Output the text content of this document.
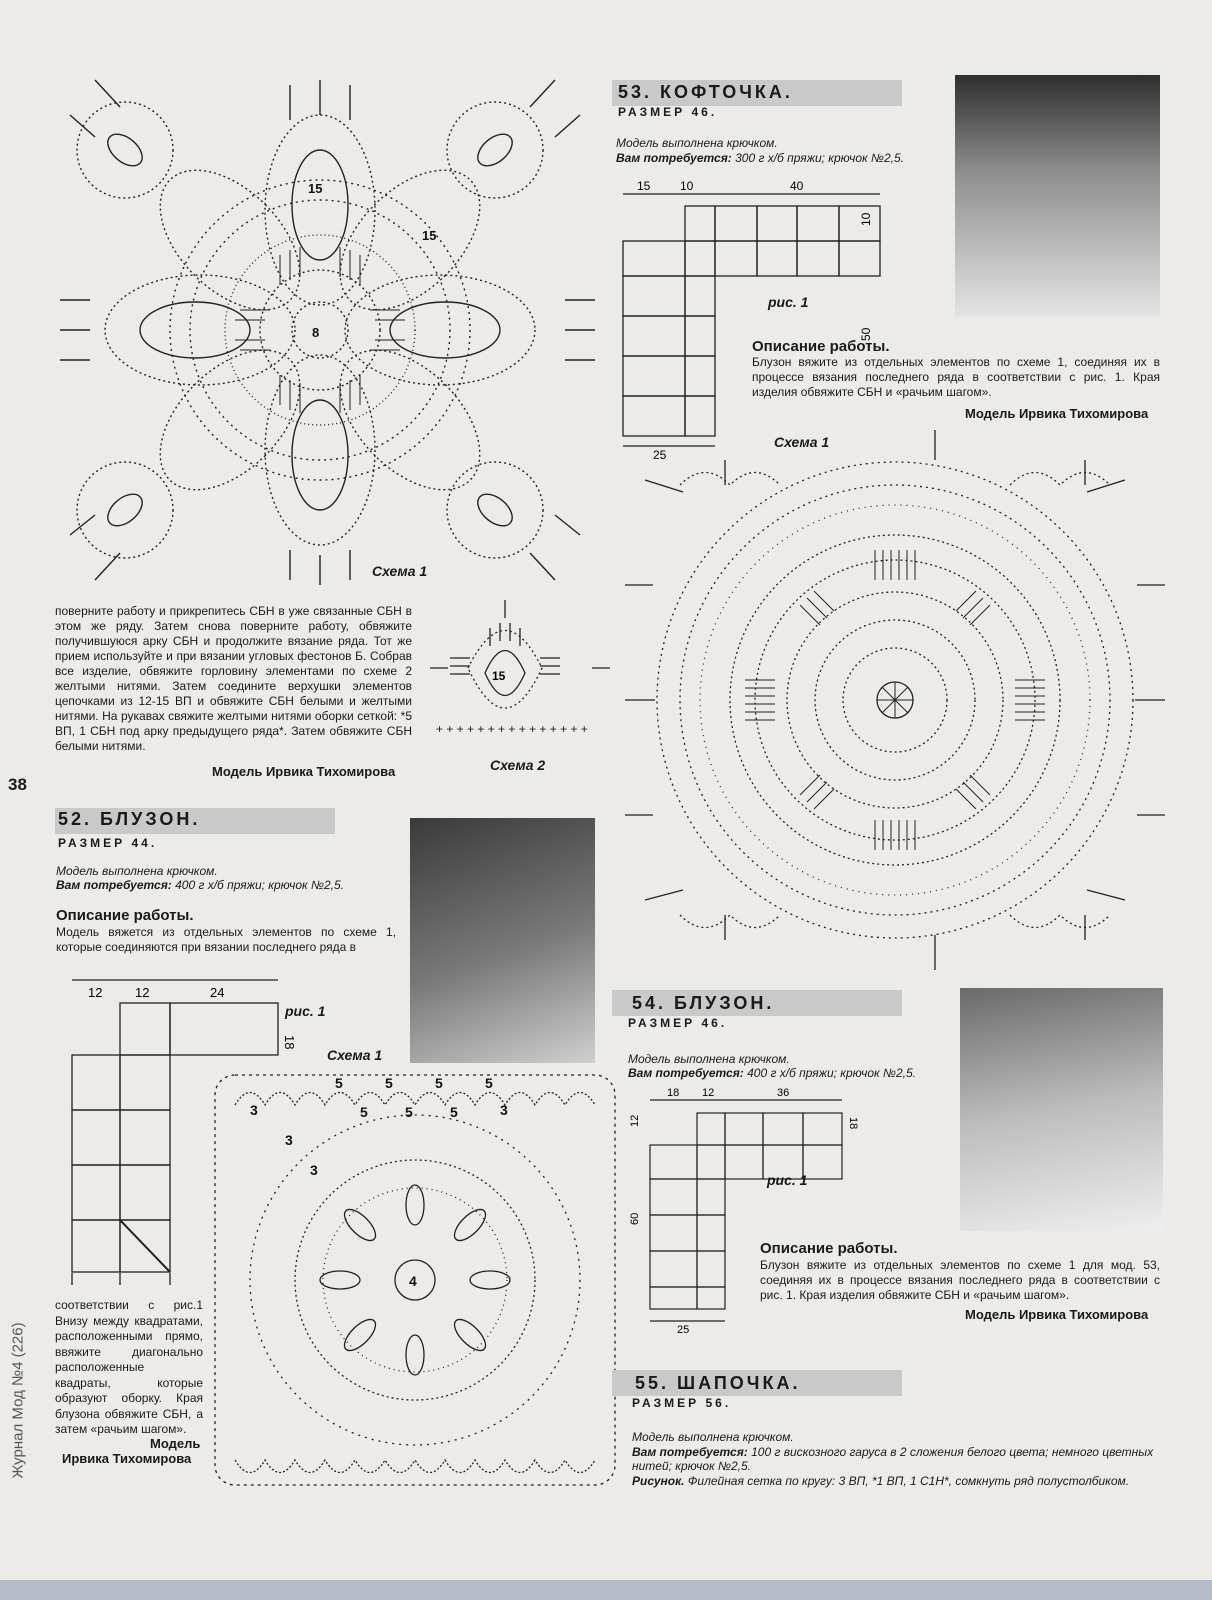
38
Журнал Мод №4 (226)
8
15
15
Схема 1
15
+ + + + + + + + + + + + + + +
Схема 2
поверните работу и прикрепитесь СБН в уже связанные СБН в этом же ряду. Затем снова поверните работу, обвяжите получившуюся арку СБН и продолжите вязание ряда. Тот же прием используйте и при вязании угловых фестонов Б. Собрав все изделие, обвяжите горловину элементами по схеме 2 желтыми нитями. Затем соедините верхушки элементов цепочками из 12-15 ВП и обвяжите СБН белыми и желтыми нитями. На рукавах свяжите желтыми нитями оборки сеткой: *5 ВП, 1 СБН под арку предыдущего ряда*. Затем обвяжите СБН белыми нитями.
Модель Ирвика Тихомирова
52. БЛУЗОН.
РАЗМЕР 44.
Модель выполнена крючком.
Вам потребуется: 400 г х/б пряжи; крючок №2,5.
Описание работы.
Модель вяжется из отдельных элементов по схеме 1, которые соединяются при вязании последнего ряда в
12	12	24
18
рис. 1
Схема 1
4
5	5	5	5
5	5	5
3	3
3
3
соответствии с рис.1 Внизу между квадратами, расположенными прямо, ввяжите диагонально расположенные квадраты, которые образуют оборку. Края блузона обвяжите СБН, а затем «рачьим шагом».
Модель
Ирвика Тихомирова
53. КОФТОЧКА.
РАЗМЕР 46.
Модель выполнена крючком.
Вам потребуется: 300 г х/б пряжи; крючок №2,5.
15 10	40
10
50
25
рис. 1
Описание работы.
Блузон вяжите из отдельных элементов по схеме 1, соединяя их в процессе вязания последнего ряда в соответствии с рис. 1. Края изделия обвяжите СБН и «рачьим шагом».
Модель Ирвика Тихомирова
Схема 1
54. БЛУЗОН.
РАЗМЕР 46.
Модель выполнена крючком.
Вам потребуется: 400 г х/б пряжи; крючок №2,5.
18 12	36
12	18
60
25
рис. 1
Описание работы.
Блузон вяжите из отдельных элементов по схеме 1 для мод. 53, соединяя их в процессе вязания последнего ряда в соответствии с рис. 1. Края изделия обвяжите СБН и «рачьим шагом».
Модель Ирвика Тихомирова
55. ШАПОЧКА.
РАЗМЕР 56.
Модель выполнена крючком.
Вам потребуется: 100 г вискозного гаруса в 2 сложения белого цвета; немного цветных нитей; крючок №2,5.
Рисунок. Филейная сетка по кругу: 3 ВП, *1 ВП, 1 С1Н*, сомкнуть ряд полустолбиком.
